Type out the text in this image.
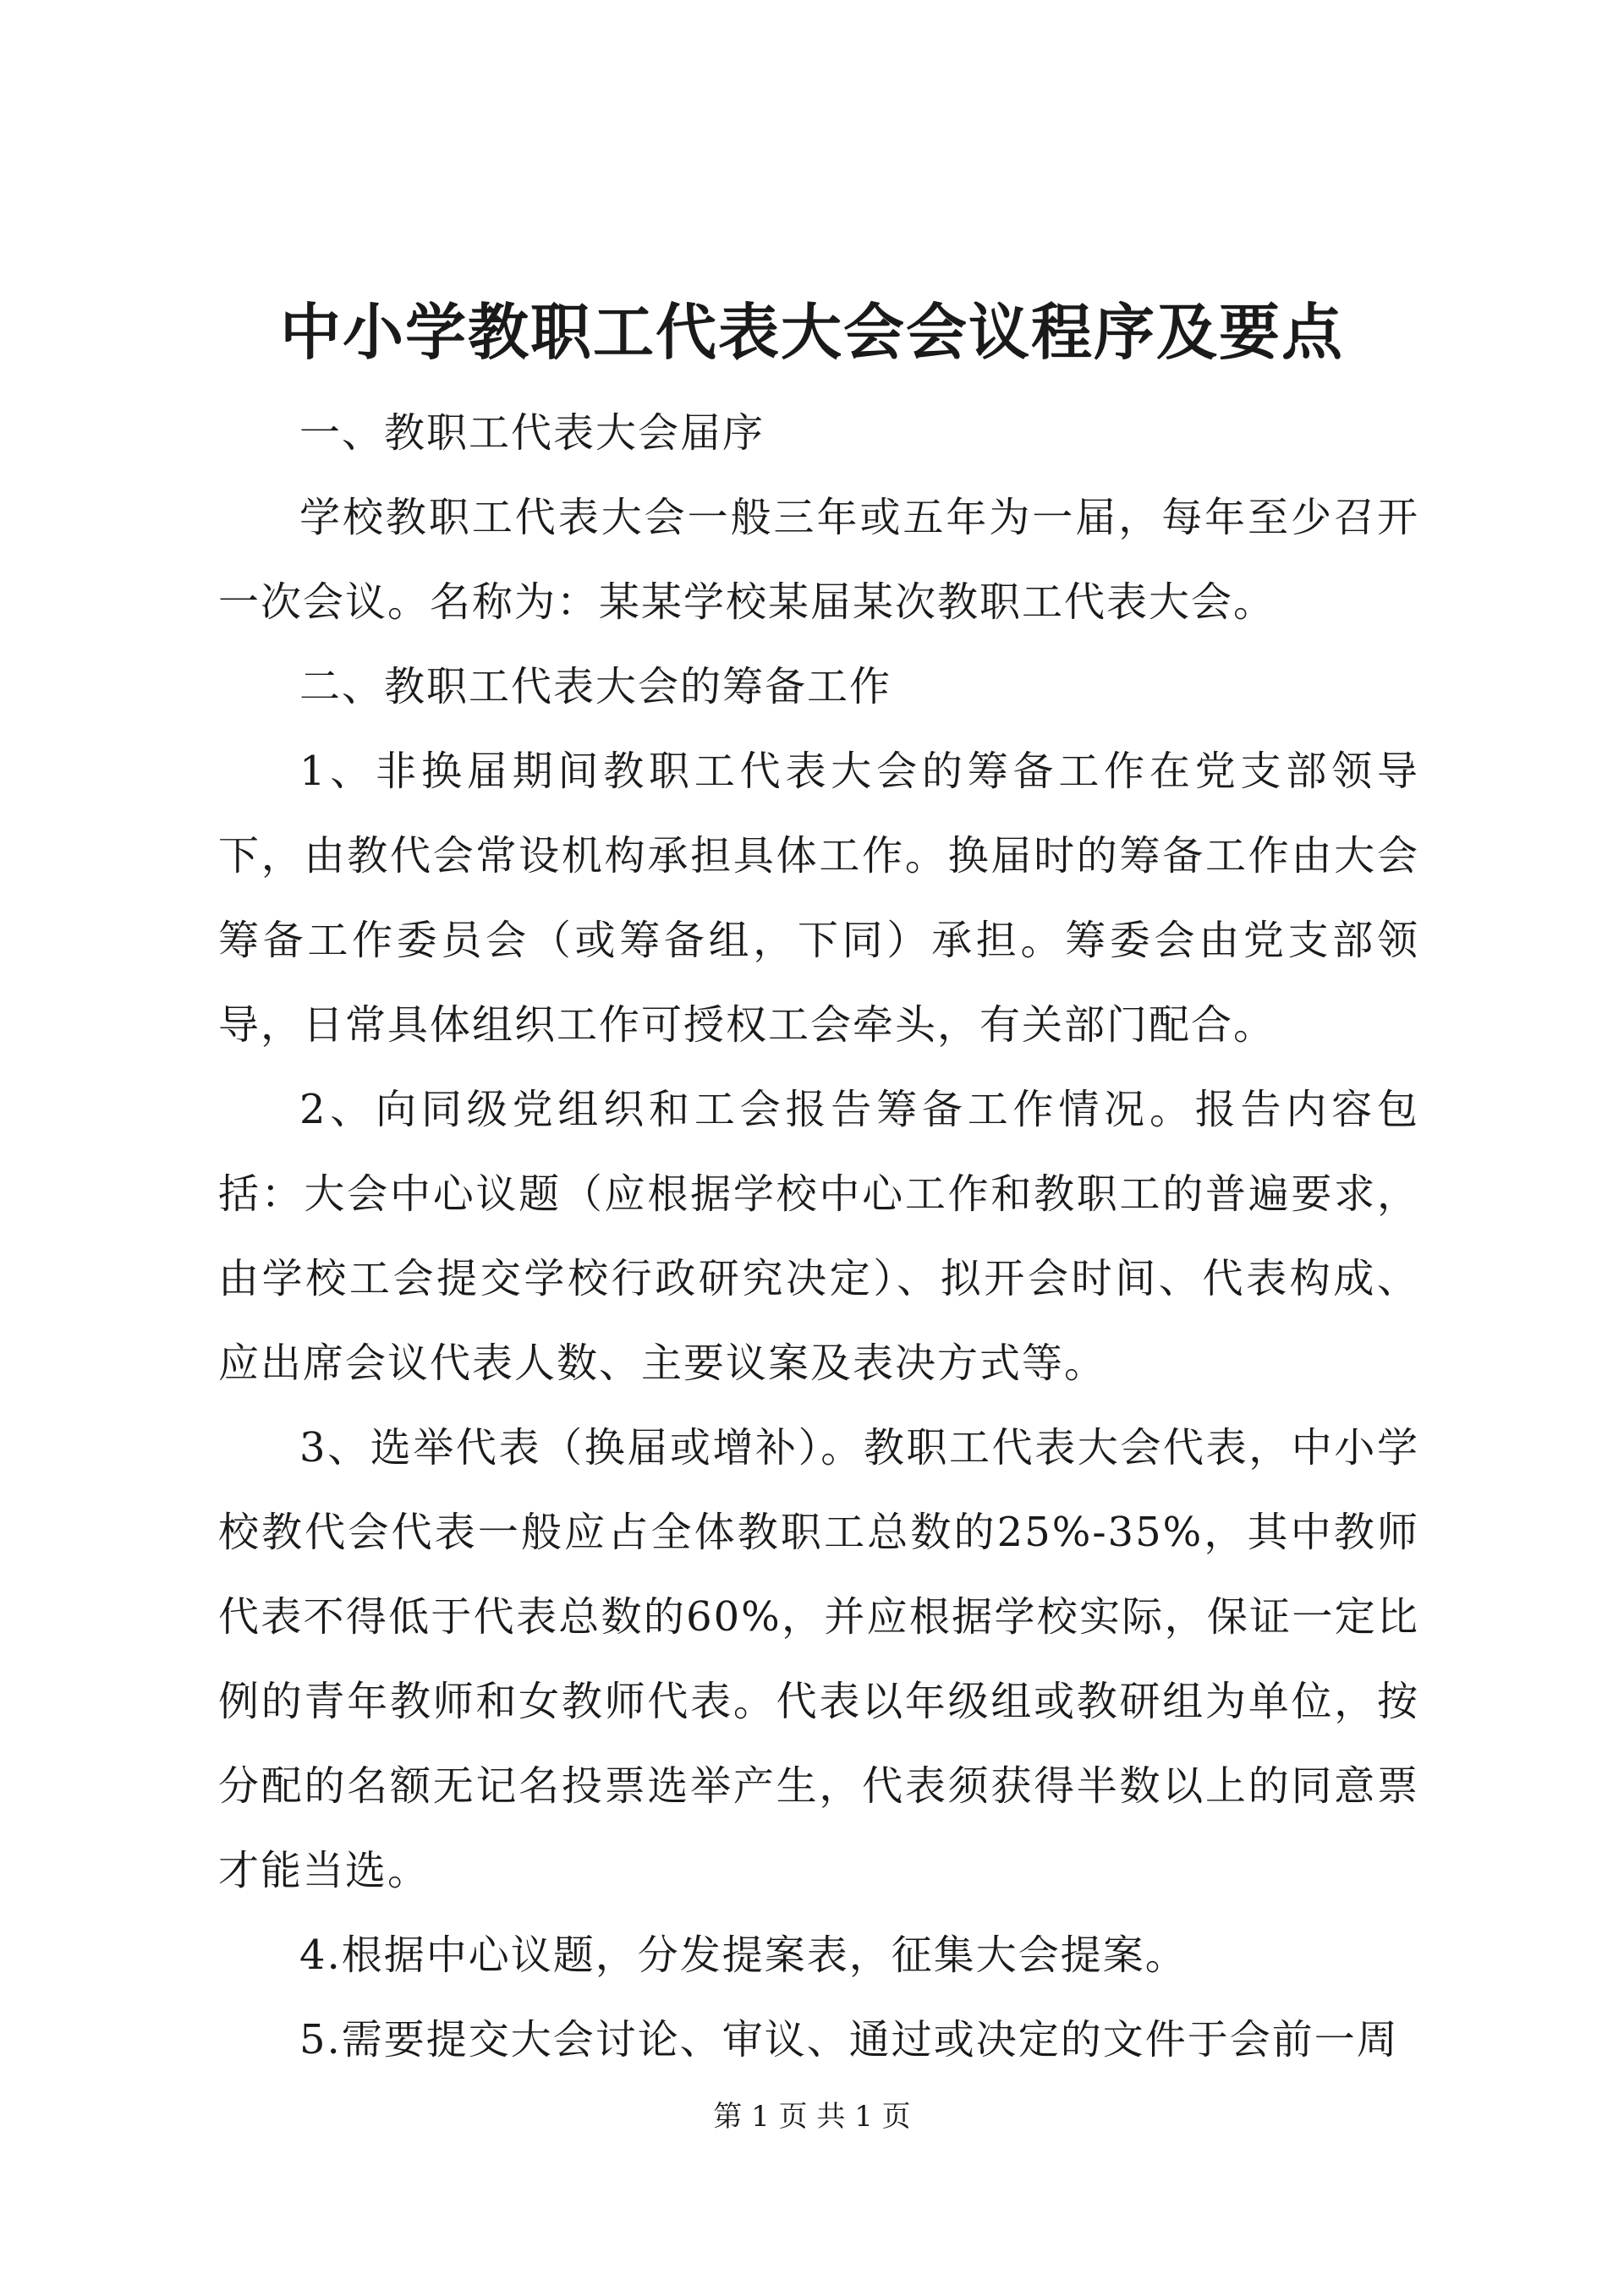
中小学教职工代表大会会议程序及要点

一、教职工代表大会届序

学校教职工代表大会一般三年或五年为一届，每年至少召开一次会议。名称为：某某学校某届某次教职工代表大会。

二、教职工代表大会的筹备工作

1、非换届期间教职工代表大会的筹备工作在党支部领导下，由教代会常设机构承担具体工作。换届时的筹备工作由大会筹备工作委员会（或筹备组，下同）承担。筹委会由党支部领导，日常具体组织工作可授权工会牵头，有关部门配合。

2、向同级党组织和工会报告筹备工作情况。报告内容包括：大会中心议题（应根据学校中心工作和教职工的普遍要求，由学校工会提交学校行政研究决定）、拟开会时间、代表构成、应出席会议代表人数、主要议案及表决方式等。

3、选举代表（换届或增补）。教职工代表大会代表，中小学校教代会代表一般应占全体教职工总数的25%-35%，其中教师代表不得低于代表总数的60%，并应根据学校实际，保证一定比例的青年教师和女教师代表。代表以年级组或教研组为单位，按分配的名额无记名投票选举产生，代表须获得半数以上的同意票才能当选。

4.根据中心议题，分发提案表，征集大会提案。

5.需要提交大会讨论、审议、通过或决定的文件于会前一周

第 1 页 共 1 页
